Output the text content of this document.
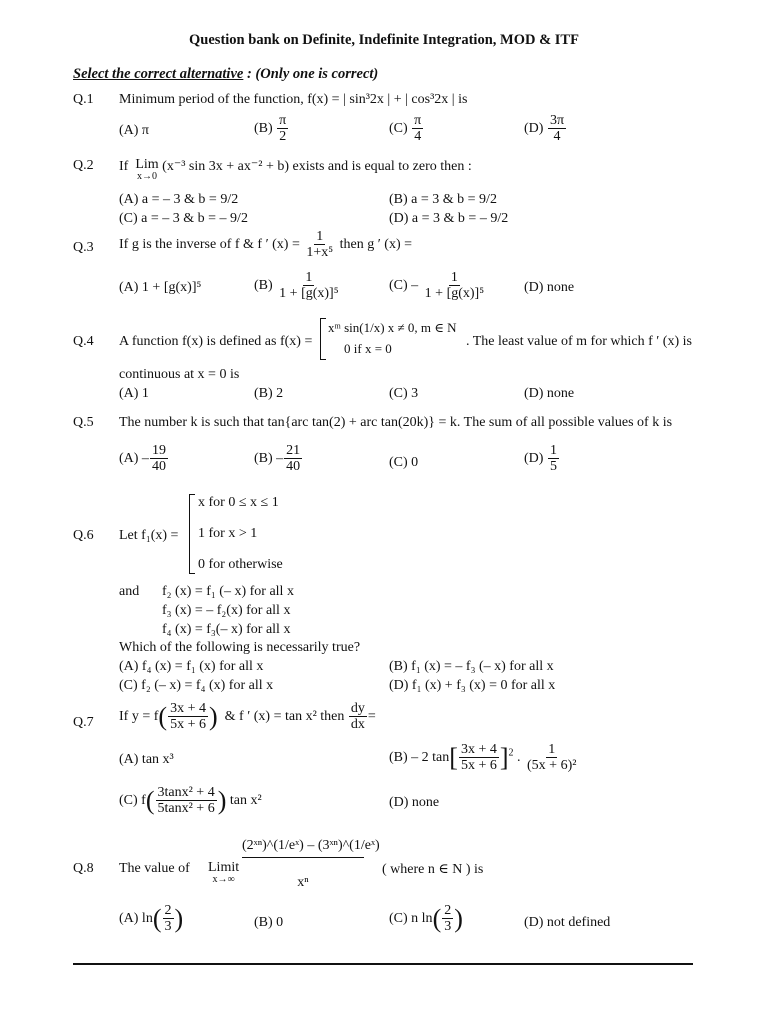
Question bank on Definite, Indefinite Integration, MOD & ITF
Select the correct alternative : (Only one is correct)
Q.1 Minimum period of the function, f(x) = | sin³2x | + | cos³2x | is
(A) π	$(B) \frac{\pi}{2}$	$(C) \frac{\pi}{4}$	$(D) \frac{3\pi}{4}$
Q.2 If Lim
x→0
(x⁻³ sin 3x + ax⁻² + b) exists and is equal to zero then :
(A) a = – 3 & b = 9/2	(B) a = 3 & b = 9/2
(C) a = – 3 & b = – 9/2	(D) a = 3 & b = – 9/2
Q.3 If g is the inverse of f & f ′ $(x) = \frac{1}{\text{1+x⁵}}$ then g ′ (x) =
(A) 1 + [g(x)]⁵	$(B) \frac{1}{\text{1 + [g(x)]⁵}}$	$(C) - \frac{1}{\text{1 + [g(x)]⁵}}$	(D) none
Q.4 A function f(x) is defined as f(x) =
xᵐ sin(1/x) x ≠ 0, m ∈ N
0 if x = 0	. The least value of m for which f ′ (x) is
continuous at x = 0 is
(A) 1	(B) 2	(C) 3	(D) none
Q.5 The number k is such that tan{arc tan(2) + arc tan(20k)} = k. The sum of all possible values of k is
$(A) - \frac{19}{40}$	$(B) - \frac{21}{40}$	(C) 0	$(D) \frac{1}{5}$
Q.6 Let f₁(x) =
x for 0 ≤ x ≤ 1
1 for x > 1
0 for otherwise
and f₂ (x) = f₁ (– x) for all x
f₃ (x) = – f₂(x) for all x
f₄ (x) = f₃(– x) for all x
Which of the following is necessarily true?
(A) f₄ (x) = f₁ (x) for all x	(B) f₁ (x) = – f₃ (– x) for all x
(C) f₂ (– x) = f₄ (x) for all x	(D) f₁ (x) + f₃ (x) = 0 for all x
Q.7 If $y = f( \frac{3x + 4}{5x + 6}$ ) & f ′ (x) = tan x² then $\frac{dy}{dx}$ =
(A) tan x³	(B) – 2 $\tan[ \frac{3x + 4}{5x + 6} ]^2$ . $\frac{1}{\text{(5x + 6)²}}$
(C) $f( \frac{\text{3tanx² + 4}}{\text{5tanx² + 6}}$ ) tan x²	(D) none
Q.8 The value of Limit
x→∞
(2ˣⁿ)^(1/eˣ) – (3ˣⁿ)^(1/eˣ)
xⁿ
( where n ∈ N ) is
(A) $\ln( \frac{2}{3}$ )	(B) 0	(C) n $\ln( \frac{2}{3}$ )	(D) not defined
